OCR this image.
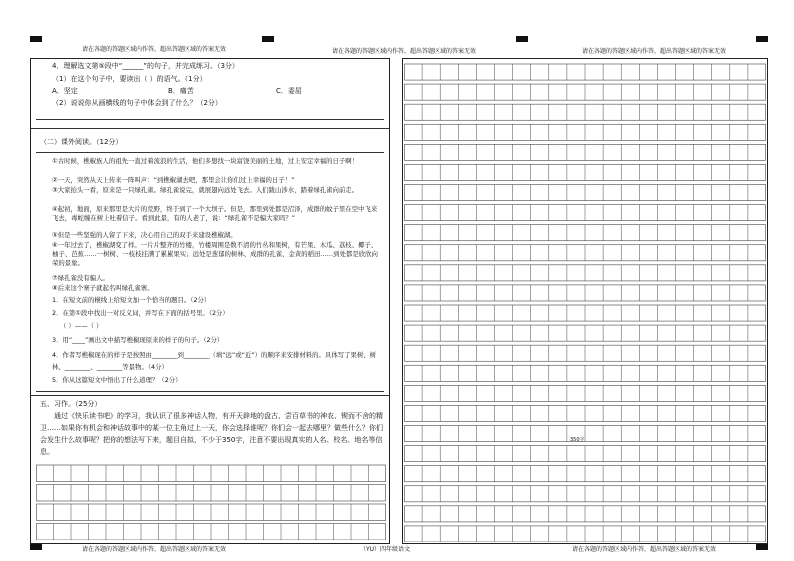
请在各题的答题区域内作答，超出答题区域的答案无效	请在各题的答题区域内作答，超出答题区域的答案无效	请在各题的答题区域内作答，超出答题区域的答案无效
4．理解选文第⑤段中“______”的句子，并完成练习。（3分）
（1）在这个句子中，要读出（ ）的语气。（1分）
A．坚定	B．痛苦	C．委屈
（2）说说你从画横线的句子中体会到了什么？（2分）
（二）课外阅读。（12分）
①古时候，樵椒族人的祖先一直过着流浪的生活，他们多想找一块富饶美丽的土地，过上安定幸福的日子啊！
②一天，突然从天上传来一阵叫声：“到樵椒湖去吧，那里会让你们过上幸福的日子！”
③大家抬头一看，原来是一只绿孔雀。绿孔雀说完，就展翅向远处飞去。人们跋山涉水，踏着绿孔雀向前走。
④起初，地面，原来那里是大片的荒野，终于到了一个大坝子。但是，那里到处都是沼泽，成群的蚊子里在空中飞来飞去，毒蛇缠在树上吐着信子。看到此景，有的人老了，说：“绿孔雀不是骗大家吗？”
⑤但是一些坚强的人留了下来，决心用自己的双手来建设樵椒湖。
⑥一年过去了，樵椒湖变了样。一片片整齐的竹楼，竹楼周围是数不清的竹丛和果树，有芒果、木瓜、荔枝、椰子、柚子、芭蕉……一树树、一枝枝挂满了累累果实；远处是葱郁的树林、成群的孔雀、金黄的稻田……到处都是欣欣向荣的景象。
⑦绿孔雀没有骗人。
⑧后来这个寨子就起名叫绿孔雀寨。
1．在短文前的横线上给短文加一个恰当的题目。（2分）
2．在第①段中找出一对反义词，并写在下面的括号里。（2分）
（ ）——（ ）
3．用“____”画出文中描写樵椒现原来的样子的句子。（2分）
4．作者写樵椒现在的样子是按照由________到________（填“远”或“近”）的顺序来安排材料的。具体写了果树、树林、________、________等景物。（4分）
5．你从这篇短文中悟出了什么道理？（2分）
五、习作。（25分）
通过《快乐读书吧》的学习，我认识了很多神话人物，有开天辟地的盘古、尝百草书的神农、锲而不舍的精卫……如果你有机会和神话故事中的某一位主角过上一天，你会选择谁呢？你们会一起去哪里？做些什么？你们会发生什么故事呢？把你的想法写下来，题目自拟，不少于350字，注意不要出现真实的人名、校名、地名等信息。
350字
请在各题的答题区域内作答，超出答题区域的答案无效	（YU）四年级语文	请在各题的答题区域内作答，超出答题区域的答案无效
